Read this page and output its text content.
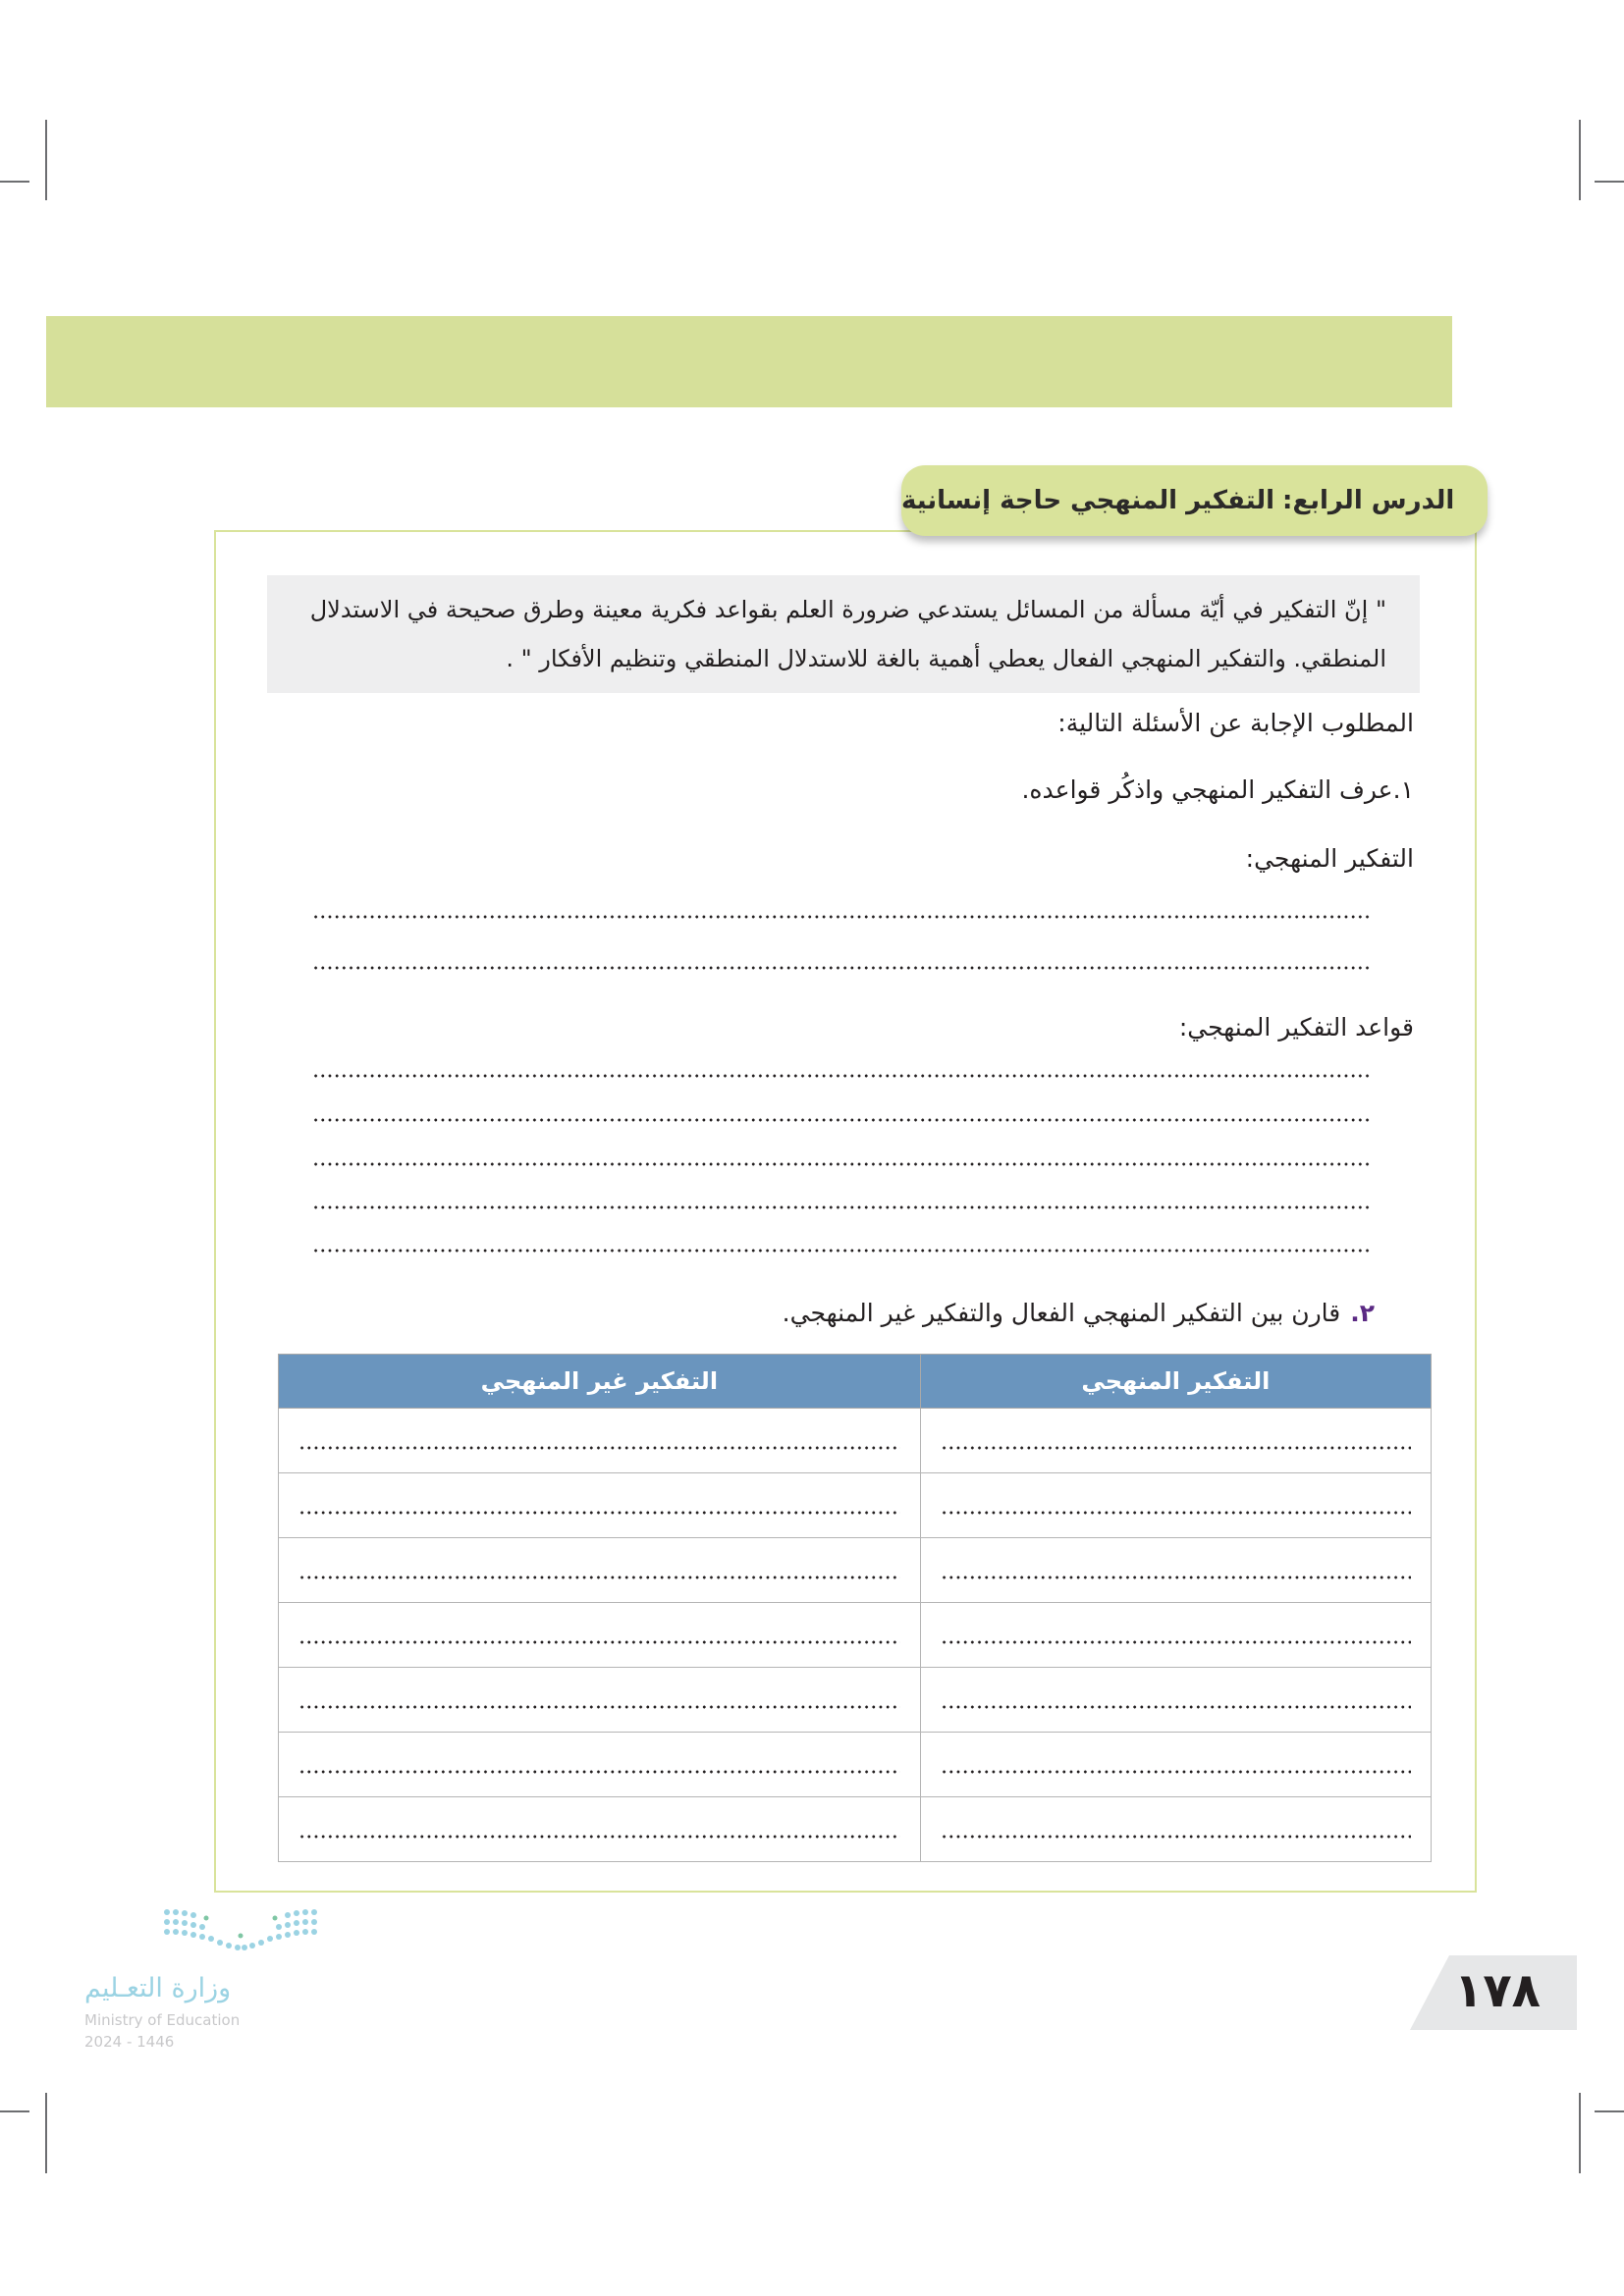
الدرس الرابع:
التفكير المنهجي حاجة إنسانية
" إنّ التفكير في أيّة مسألة من المسائل يستدعي ضرورة العلم بقواعد فكرية معينة وطرق صحيحة في الاستدلال المنطقي. والتفكير المنهجي الفعال يعطي أهمية بالغة للاستدلال المنطقي وتنظيم الأفكار " .
المطلوب الإجابة عن الأسئلة التالية:
١.عرف التفكير المنهجي واذكُر قواعده.
التفكير المنهجي:
قواعد التفكير المنهجي:
٢.قارن بين التفكير المنهجي الفعال والتفكير غير المنهجي.
التفكير المنهجي	التفكير غير المنهجي

وزارة التعـليم
Ministry of Education
2024 - 1446
١٧٨
